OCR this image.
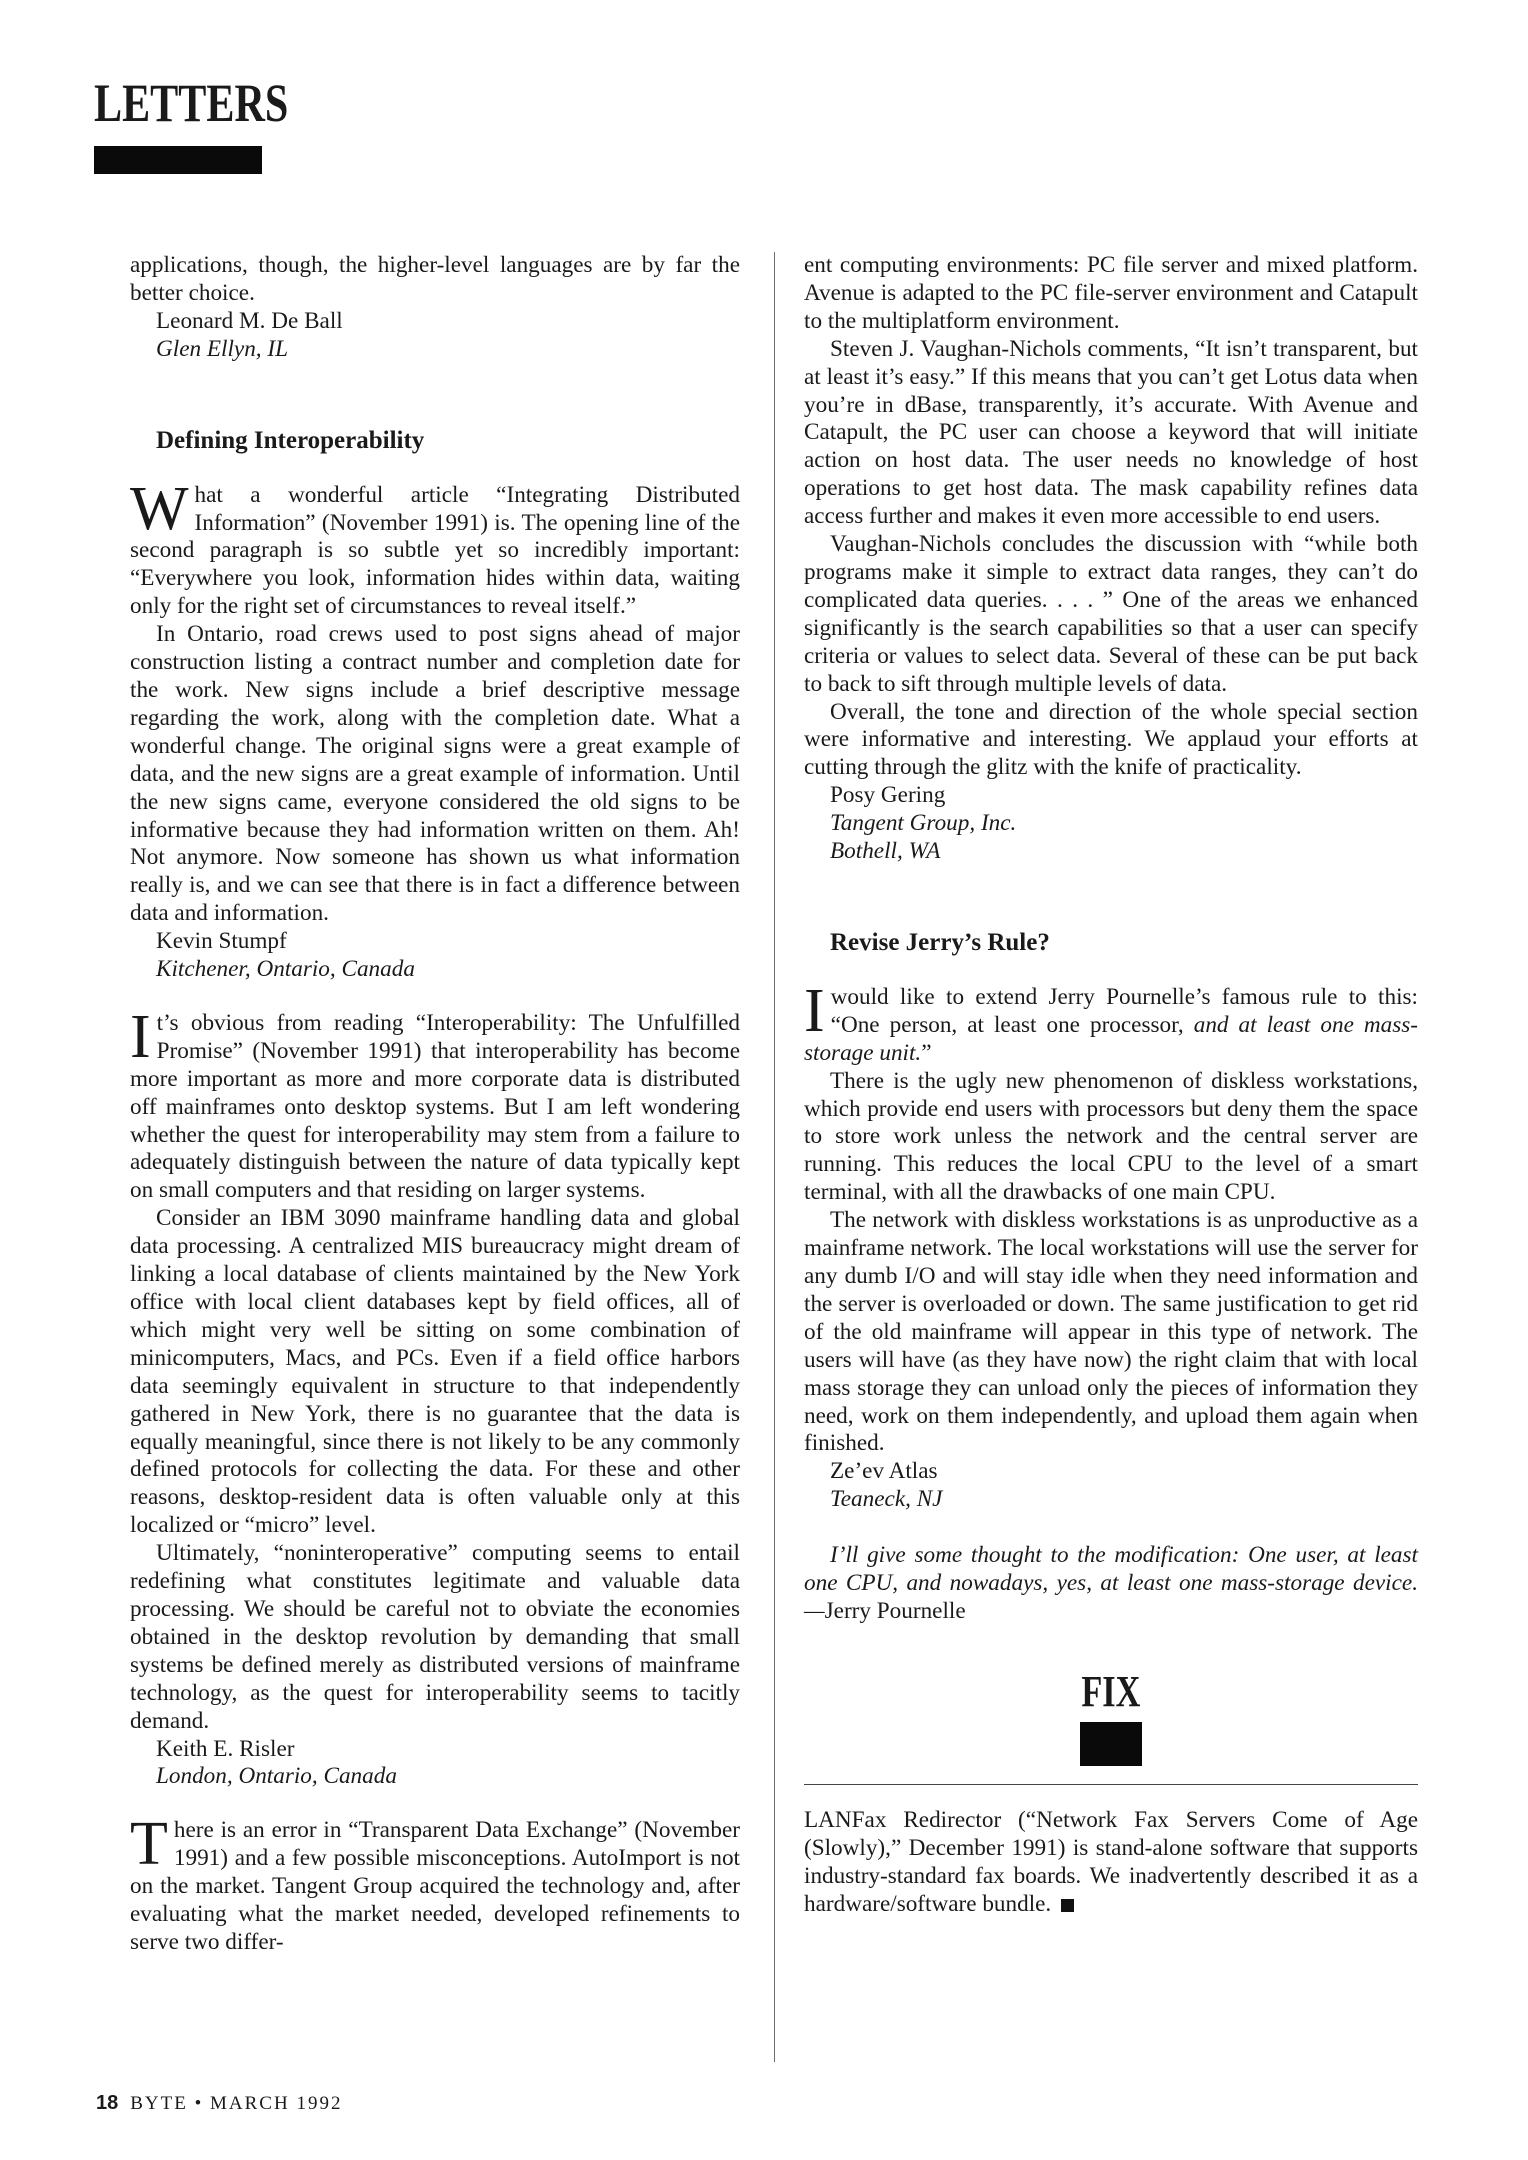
LETTERS

applications, though, the higher-level languages are by far the better choice.

Leonard M. De Ball

Glen Ellyn, IL

Defining Interoperability

What a wonderful article “Integrating Distributed Information” (November 1991) is. The opening line of the second paragraph is so subtle yet so incredibly important: “Everywhere you look, information hides within data, waiting only for the right set of circumstances to reveal itself.”

In Ontario, road crews used to post signs ahead of major construction listing a contract number and completion date for the work. New signs include a brief descriptive message regarding the work, along with the completion date. What a wonderful change. The original signs were a great example of data, and the new signs are a great example of information. Until the new signs came, everyone considered the old signs to be informative because they had information written on them. Ah! Not anymore. Now someone has shown us what information really is, and we can see that there is in fact a difference between data and information.

Kevin Stumpf

Kitchener, Ontario, Canada

It’s obvious from reading “Interoperability: The Unfulfilled Promise” (November 1991) that interoperability has become more important as more and more corporate data is distributed off mainframes onto desktop systems. But I am left wondering whether the quest for interoperability may stem from a failure to adequately distinguish between the nature of data typically kept on small computers and that residing on larger systems.

Consider an IBM 3090 mainframe handling data and global data processing. A centralized MIS bureaucracy might dream of linking a local database of clients maintained by the New York office with local client databases kept by field offices, all of which might very well be sitting on some combination of minicomputers, Macs, and PCs. Even if a field office harbors data seemingly equivalent in structure to that independently gathered in New York, there is no guarantee that the data is equally meaningful, since there is not likely to be any commonly defined protocols for collecting the data. For these and other reasons, desktop-resident data is often valuable only at this localized or “micro” level.

Ultimately, “noninteroperative” computing seems to entail redefining what constitutes legitimate and valuable data processing. We should be careful not to obviate the economies obtained in the desktop revolution by demanding that small systems be defined merely as distributed versions of mainframe technology, as the quest for interoperability seems to tacitly demand.

Keith E. Risler

London, Ontario, Canada

There is an error in “Transparent Data Exchange” (November 1991) and a few possible misconceptions. AutoImport is not on the market. Tangent Group acquired the technology and, after evaluating what the market needed, developed refinements to serve two differ-

ent computing environments: PC file server and mixed platform. Avenue is adapted to the PC file-server environment and Catapult to the multiplatform environment.

Steven J. Vaughan-Nichols comments, “It isn’t transparent, but at least it’s easy.” If this means that you can’t get Lotus data when you’re in dBase, transparently, it’s accurate. With Avenue and Catapult, the PC user can choose a keyword that will initiate action on host data. The user needs no knowledge of host operations to get host data. The mask capability refines data access further and makes it even more accessible to end users.

Vaughan-Nichols concludes the discussion with “while both programs make it simple to extract data ranges, they can’t do complicated data queries. . . . ” One of the areas we enhanced significantly is the search capabilities so that a user can specify criteria or values to select data. Several of these can be put back to back to sift through multiple levels of data.

Overall, the tone and direction of the whole special section were informative and interesting. We applaud your efforts at cutting through the glitz with the knife of practicality.

Posy Gering

Tangent Group, Inc.

Bothell, WA

Revise Jerry’s Rule?

Iwould like to extend Jerry Pournelle’s famous rule to this: “One person, at least one processor, and at least one mass-storage unit.”

There is the ugly new phenomenon of diskless workstations, which provide end users with processors but deny them the space to store work unless the network and the central server are running. This reduces the local CPU to the level of a smart terminal, with all the drawbacks of one main CPU.

The network with diskless workstations is as unproductive as a mainframe network. The local workstations will use the server for any dumb I/O and will stay idle when they need information and the server is overloaded or down. The same justification to get rid of the old mainframe will appear in this type of network. The users will have (as they have now) the right claim that with local mass storage they can unload only the pieces of information they need, work on them independently, and upload them again when finished.

Ze’ev Atlas

Teaneck, NJ

I’ll give some thought to the modification: One user, at least one CPU, and nowadays, yes, at least one mass-storage device. —Jerry Pournelle

FIX

LANFax Redirector (“Network Fax Servers Come of Age (Slowly),” December 1991) is stand-alone software that supports industry-standard fax boards. We inadvertently described it as a hardware/software bundle.

18 BYTE • MARCH 1992
